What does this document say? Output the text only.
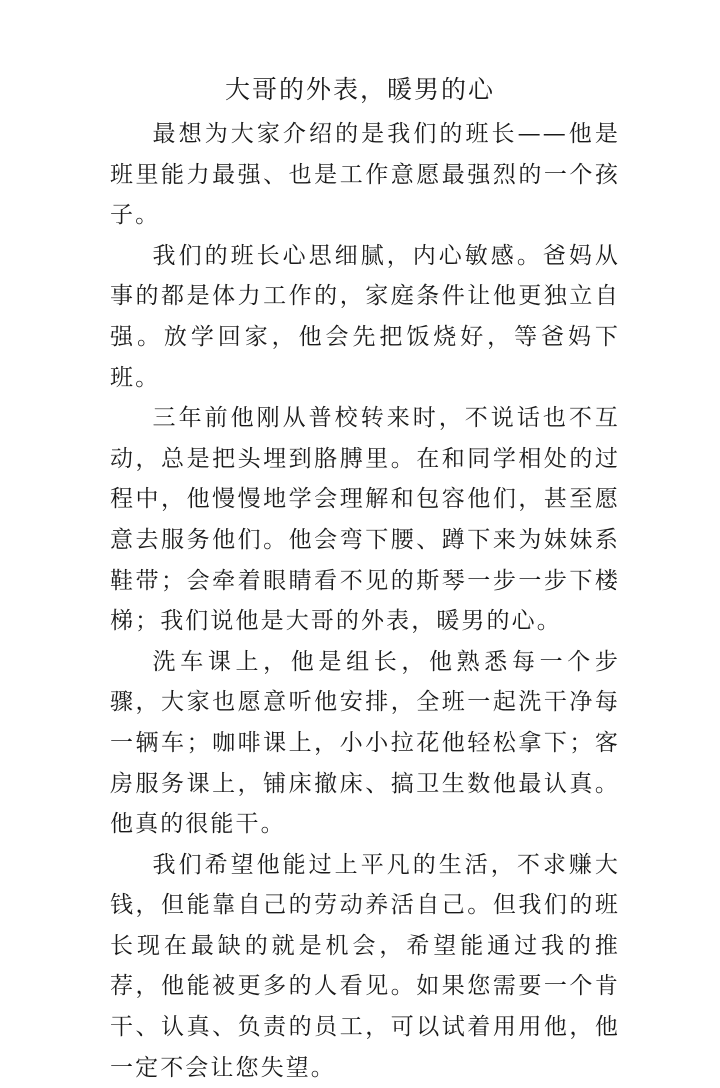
大哥的外表，暖男的心

最想为大家介绍的是我们的班长——他是班里能力最强、也是工作意愿最强烈的一个孩子。

我们的班长心思细腻，内心敏感。爸妈从事的都是体力工作的，家庭条件让他更独立自强。放学回家，他会先把饭烧好，等爸妈下班。

三年前他刚从普校转来时，不说话也不互动，总是把头埋到胳膊里。在和同学相处的过程中，他慢慢地学会理解和包容他们，甚至愿意去服务他们。他会弯下腰、蹲下来为妹妹系鞋带；会牵着眼睛看不见的斯琴一步一步下楼梯；我们说他是大哥的外表，暖男的心。

洗车课上，他是组长，他熟悉每一个步骤，大家也愿意听他安排，全班一起洗干净每一辆车；咖啡课上，小小拉花他轻松拿下；客房服务课上，铺床撤床、搞卫生数他最认真。他真的很能干。

我们希望他能过上平凡的生活，不求赚大钱，但能靠自己的劳动养活自己。但我们的班长现在最缺的就是机会，希望能通过我的推荐，他能被更多的人看见。如果您需要一个肯干、认真、负责的员工，可以试着用用他，他一定不会让您失望。
